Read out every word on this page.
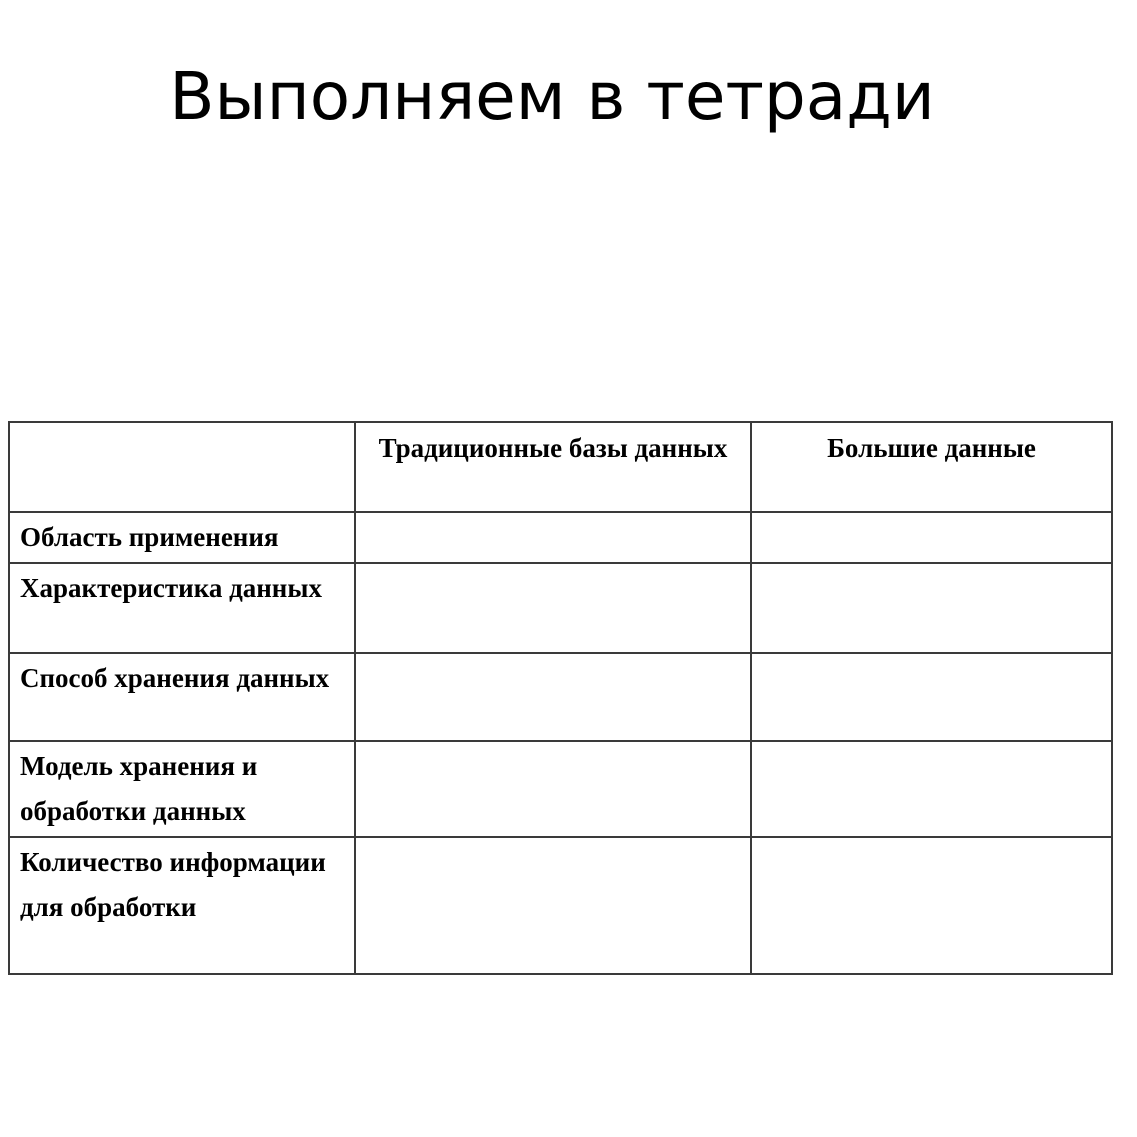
Выполняем в тетради

	Традиционные базы данных	Большие данные

Область применения		

Характеристика данных		

Способ хранения данных		

Модель хранения и обработки данных		

Количество информации для обработки		
